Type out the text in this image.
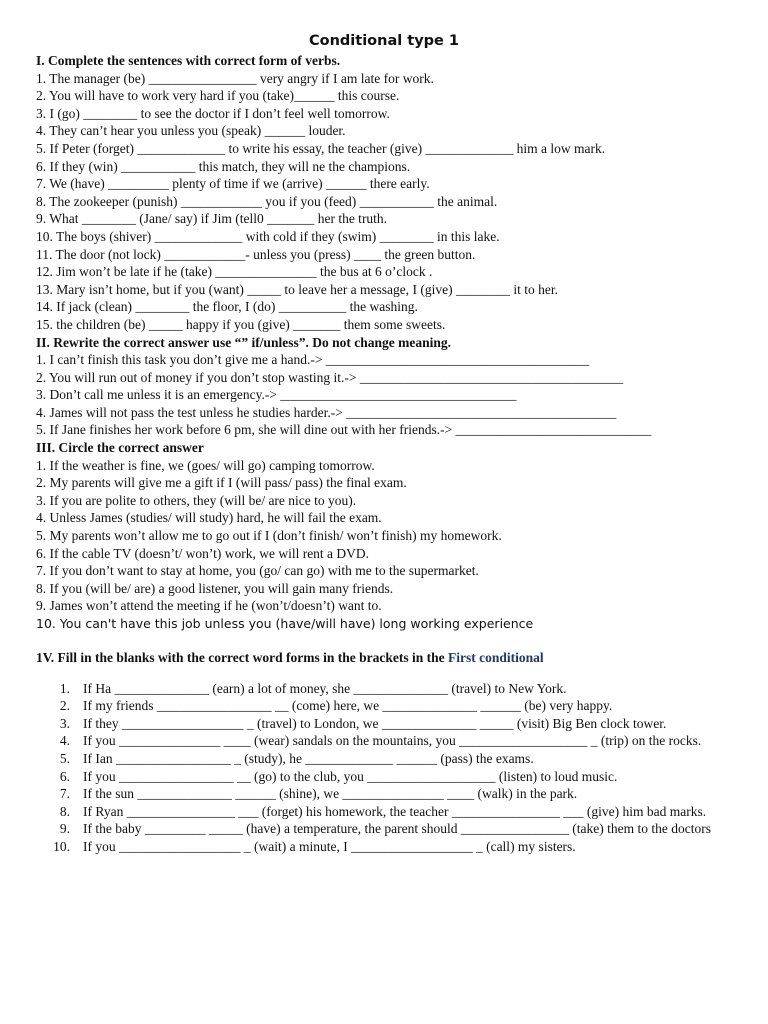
Conditional type 1
I. Complete the sentences with correct form of verbs.
1. The manager (be) ________________ very angry if I am late for work.
2. You will have to work very hard if you (take)______ this course.
3. I (go) ________ to see the doctor if I don’t feel well tomorrow.
4. They can’t hear you unless you (speak) ______ louder.
5. If Peter (forget) _____________ to write his essay, the teacher (give) _____________ him a low mark.
6. If they (win) ___________ this match, they will ne the champions.
7. We (have) _________ plenty of time if we (arrive) ______ there early.
8. The zookeeper (punish) ____________ you if you (feed) ___________ the animal.
9. What ________ (Jane/ say) if Jim (tell0 _______ her the truth.
10. The boys (shiver) _____________ with cold if they (swim) ________ in this lake.
11. The door (not lock) ____________- unless you (press) ____ the green button.
12. Jim won’t be late if he (take) _______________ the bus at 6 o’clock .
13. Mary isn’t home, but if you (want) _____ to leave her a message, I (give) ________ it to her.
14. If jack (clean) ________ the floor, I (do) __________ the washing.
15. the children (be) _____ happy if you (give) _______ them some sweets.
II. Rewrite the correct answer use “” if/unless”. Do not change meaning.
1. I can’t finish this task you don’t give me a hand.-> _______________________________________
2. You will run out of money if you don’t stop wasting it.-> _______________________________________
3. Don’t call me unless it is an emergency.-> ___________________________________
4. James will not pass the test unless he studies harder.-> ________________________________________
5. If Jane finishes her work before 6 pm, she will dine out with her friends.-> _____________________________
III. Circle the correct answer
1. If the weather is fine, we (goes/ will go) camping tomorrow.
2. My parents will give me a gift if I (will pass/ pass) the final exam.
3. If you are polite to others, they (will be/ are nice to you).
4. Unless James (studies/ will study) hard, he will fail the exam.
5. My parents won’t allow me to go out if I (don’t finish/ won’t finish) my homework.
6. If the cable TV (doesn’t/ won’t) work, we will rent a DVD.
7. If you don’t want to stay at home, you (go/ can go) with me to the supermarket.
8. If you (will be/ are) a good listener, you will gain many friends.
9. James won’t attend the meeting if he (won’t/doesn’t) want to.
10. You can't have this job unless you (have/will have) long working experience
1V. Fill in the blanks with the correct word forms in the brackets in the First conditional
1. If Ha ______________ (earn) a lot of money, she ______________ (travel) to New York.
2. If my friends _________________ __ (come) here, we ______________ ______ (be) very happy.
3. If they __________________ _ (travel) to London, we ______________ _____ (visit) Big Ben clock tower.
4. If you _______________ ____ (wear) sandals on the mountains, you ___________________ _ (trip) on the rocks.
5. If Ian _________________ _ (study), he _____________ ______ (pass) the exams.
6. If you _________________ __ (go) to the club, you ___________________ (listen) to loud music.
7. If the sun ______________ ______ (shine), we _______________ ____ (walk) in the park.
8. If Ryan ________________ ___ (forget) his homework, the teacher ________________ ___ (give) him bad marks.
9. If the baby _________ _____ (have) a temperature, the parent should ________________ (take) them to the doctors
10. If you __________________ _ (wait) a minute, I __________________ _ (call) my sisters.
